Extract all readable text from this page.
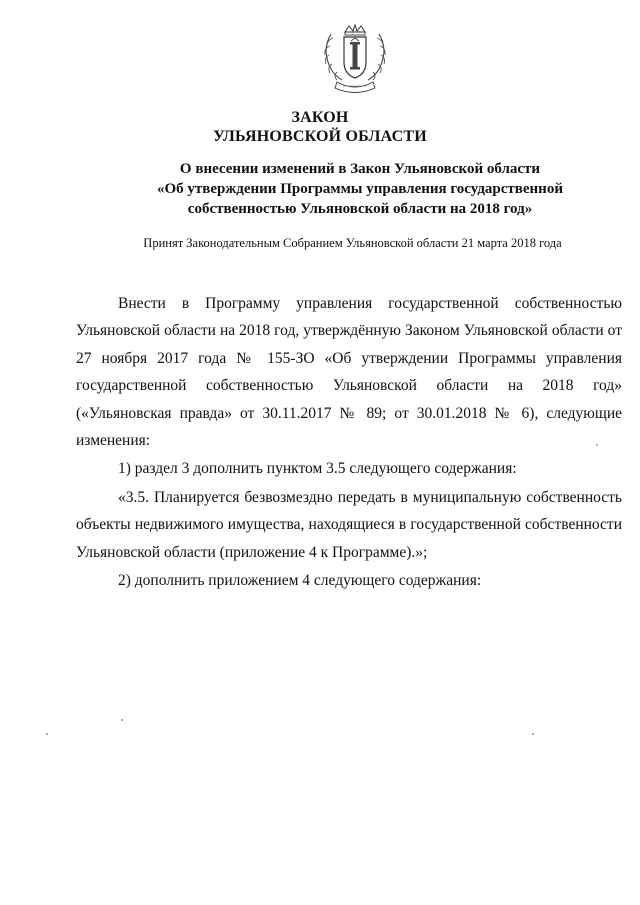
ЗАКОН
УЛЬЯНОВСКОЙ ОБЛАСТИ
О внесении изменений в Закон Ульяновской области
«Об утверждении Программы управления государственной
собственностью Ульяновской области на 2018 год»
Принят Законодательным Собранием Ульяновской области 21 марта 2018 года

Внести в Программу управления государственной собственностью Ульяновской области на 2018 год, утверждённую Законом Ульяновской области от 27 ноября 2017 года № 155-ЗО «Об утверждении Программы управления государственной собственностью Ульяновской области на 2018 год» («Ульяновская правда» от 30.11.2017 № 89; от 30.01.2018 № 6), следующие изменения:

1) раздел 3 дополнить пунктом 3.5 следующего содержания:

«3.5. Планируется безвозмездно передать в муниципальную собственность объекты недвижимого имущества, находящиеся в государственной собственности Ульяновской области (приложение 4 к Программе).»;

2) дополнить приложением 4 следующего содержания:
